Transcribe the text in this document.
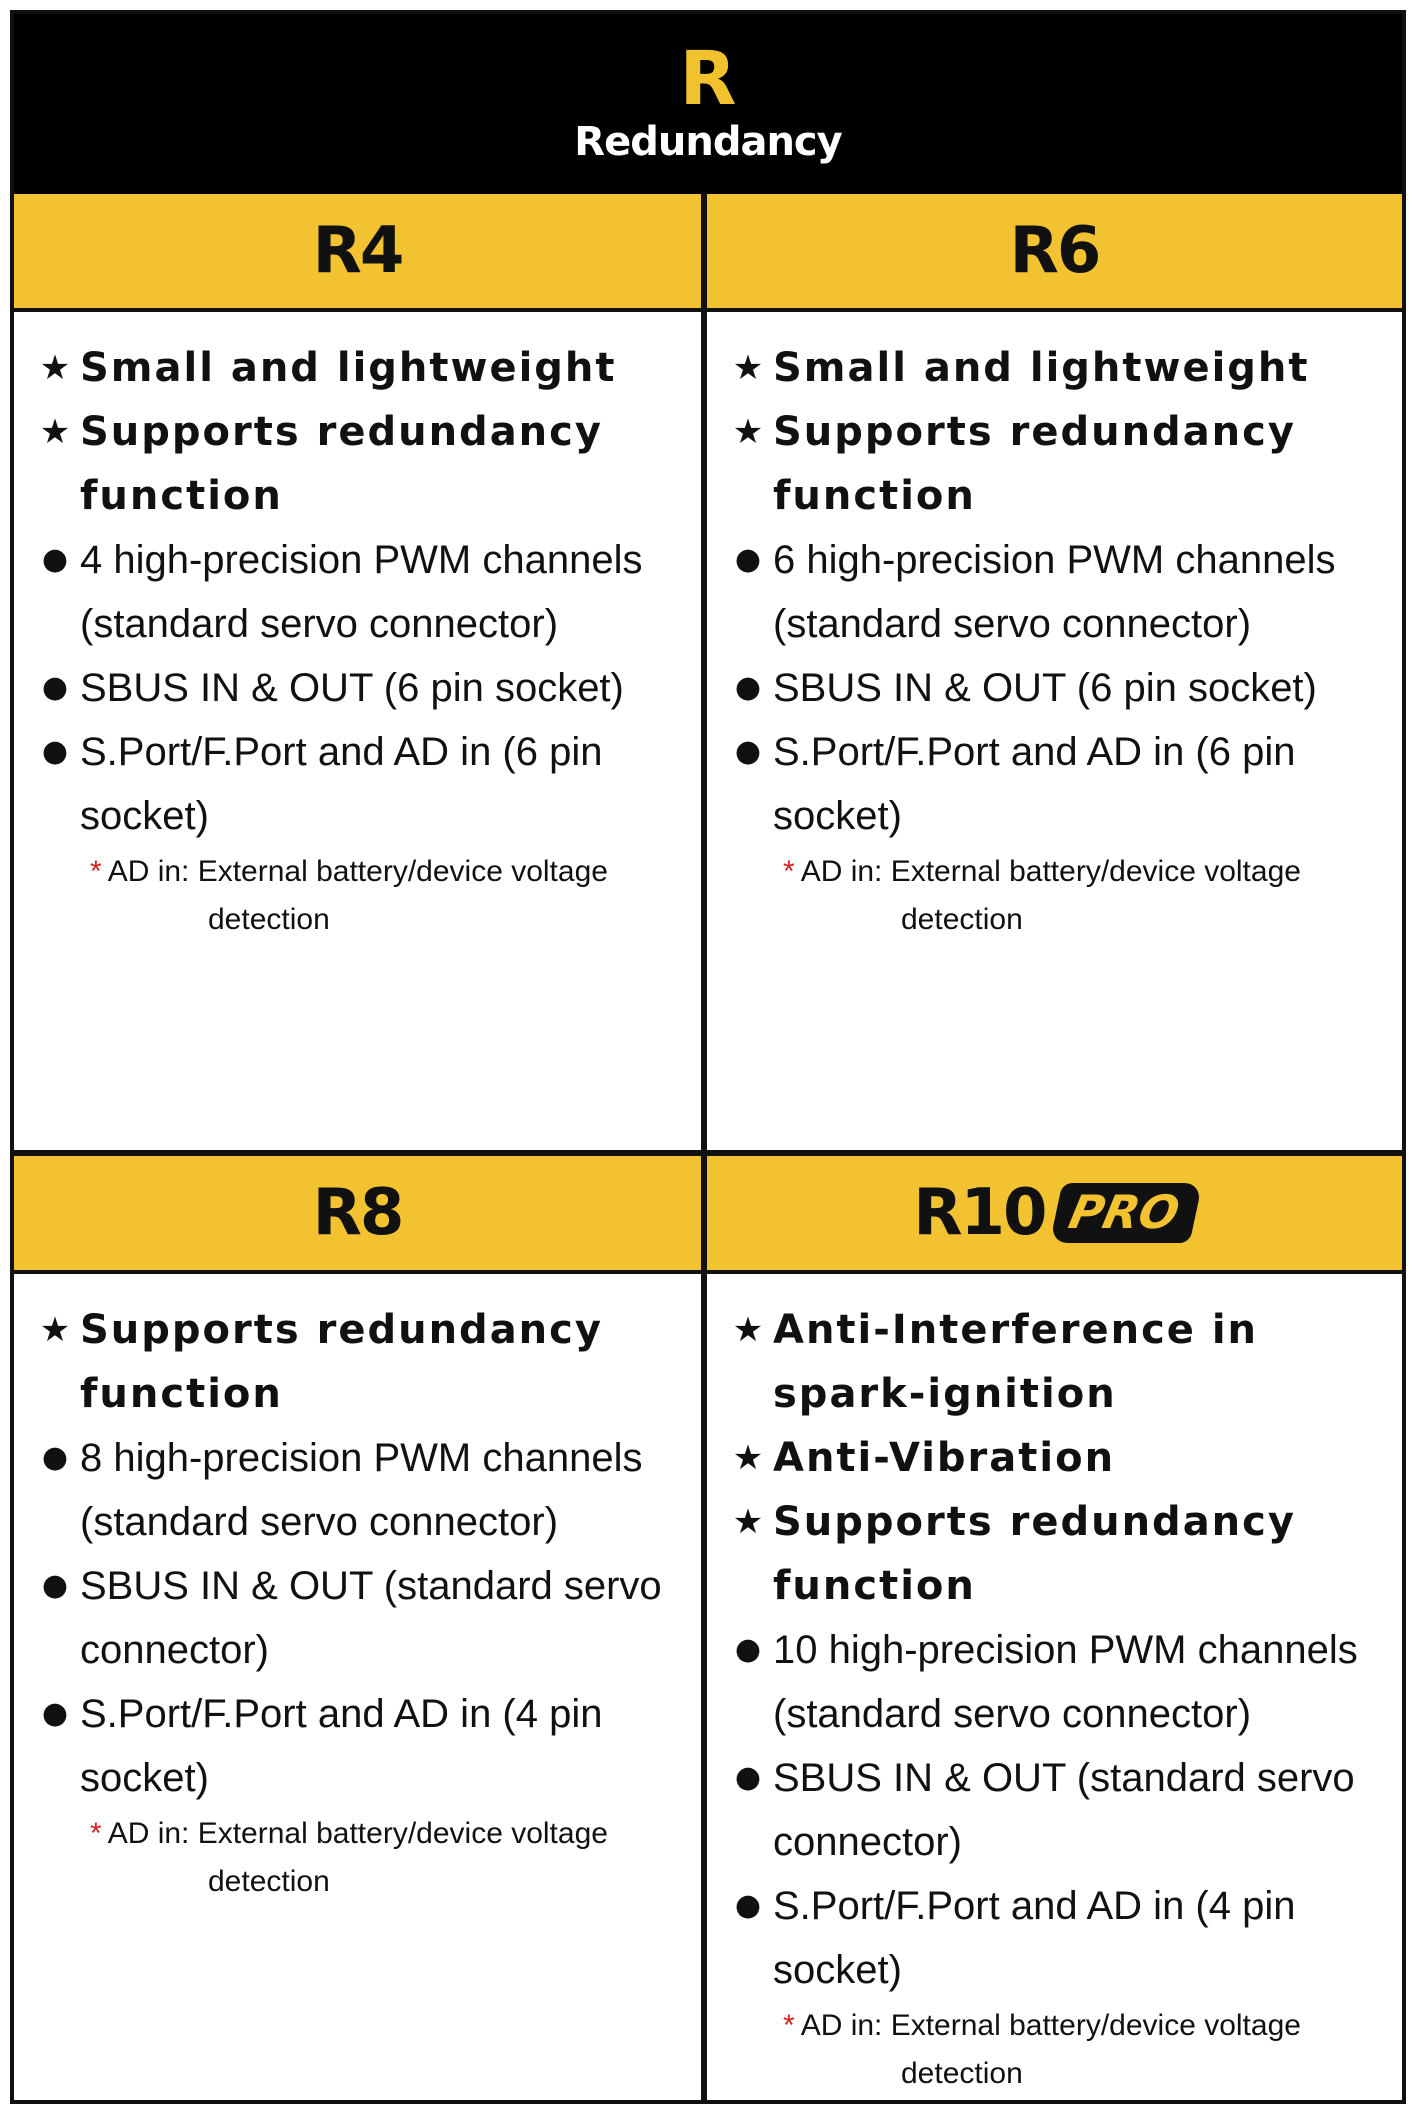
R
Redundancy
R4
★ Small and lightweight
★ Supports redundancy function
● 4 high-precision PWM channels (standard servo connector)
● SBUS IN & OUT (6 pin socket)
● S.Port/F.Port and AD in (6 pin socket)
* AD in: External battery/device voltage
detection
R6
★ Small and lightweight
★ Supports redundancy function
● 6 high-precision PWM channels (standard servo connector)
● SBUS IN & OUT (6 pin socket)
● S.Port/F.Port and AD in (6 pin socket)
* AD in: External battery/device voltage
detection
R8
★ Supports redundancy function
● 8 high-precision PWM channels (standard servo connector)
● SBUS IN & OUT (standard servo connector)
● S.Port/F.Port and AD in (4 pin socket)
* AD in: External battery/device voltage
detection
R10 PRO
★ Anti-Interference in spark-ignition
★ Anti-Vibration
★ Supports redundancy function
● 10 high-precision PWM channels (standard servo connector)
● SBUS IN & OUT (standard servo connector)
● S.Port/F.Port and AD in (4 pin socket)
* AD in: External battery/device voltage
detection
